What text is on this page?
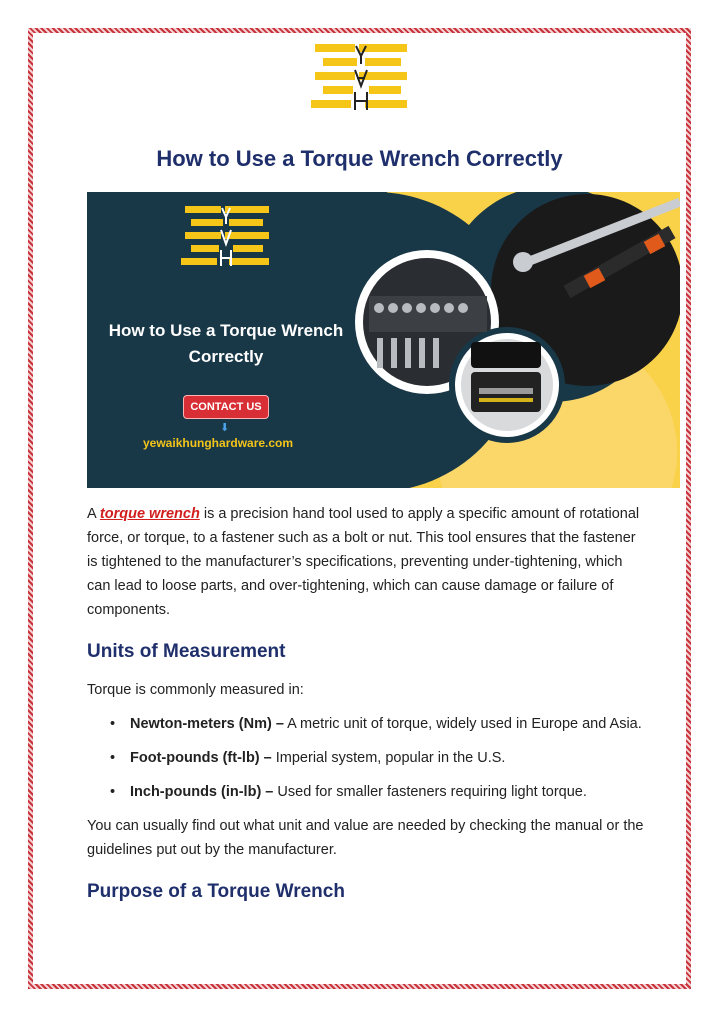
How to Use a Torque Wrench Correctly
How to Use a Torque Wrench Correctly
CONTACT US
⬇
yewaikhunghardware.com

A torque wrench is a precision hand tool used to apply a specific amount of rotational force, or torque, to a fastener such as a bolt or nut. This tool ensures that the fastener is tightened to the manufacturer’s specifications, preventing under-tightening, which can lead to loose parts, and over-tightening, which can cause damage or failure of components.

Units of Measurement

Torque is commonly measured in:

• Newton-meters (Nm) – A metric unit of torque, widely used in Europe and Asia.
• Foot-pounds (ft-lb) – Imperial system, popular in the U.S.
• Inch-pounds (in-lb) – Used for smaller fasteners requiring light torque.

You can usually find out what unit and value are needed by checking the manual or the guidelines put out by the manufacturer.

Purpose of a Torque Wrench
